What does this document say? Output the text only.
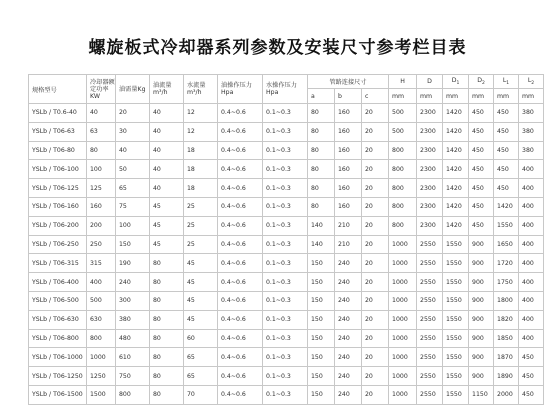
螺旋板式冷却器系列参数及安装尺寸参考栏目表
规格型号	冷却器额定功率KW	油需量Kg	油流量m³/h	水流量m³/h	油操作压力Hpa	水操作压力Hpa	管路连接尺寸			H	D	$D_1$	$D_2$	$L_1$	$L_2$
							a	b	c	mm	mm	mm	mm	mm	mm
YSLb / T0.6-40	40	20	40	12	0.4~0.6	0.1~0.3	80	160	20	500	2300	1420	450	450	380
YSLb / T06-63	63	30	40	12	0.4~0.6	0.1~0.3	80	160	20	500	2300	1420	450	450	380
YSLb / T06-80	80	40	40	18	0.4~0.6	0.1~0.3	80	160	20	800	2300	1420	450	450	380
YSLb / T06-100	100	50	40	18	0.4~0.6	0.1~0.3	80	160	20	800	2300	1420	450	450	400
YSLb / T06-125	125	65	40	18	0.4~0.6	0.1~0.3	80	160	20	800	2300	1420	450	450	400
YSLb / T06-160	160	75	45	25	0.4~0.6	0.1~0.3	80	160	20	800	2300	1420	450	1420	400
YSLb / T06-200	200	100	45	25	0.4~0.6	0.1~0.3	140	210	20	800	2300	1420	450	1550	400
YSLb / T06-250	250	150	45	25	0.4~0.6	0.1~0.3	140	210	20	1000	2550	1550	900	1650	400
YSLb / T06-315	315	190	80	45	0.4~0.6	0.1~0.3	150	240	20	1000	2550	1550	900	1720	400
YSLb / T06-400	400	240	80	45	0.4~0.6	0.1~0.3	150	240	20	1000	2550	1550	900	1750	400
YSLb / T06-500	500	300	80	45	0.4~0.6	0.1~0.3	150	240	20	1000	2550	1550	900	1800	400
YSLb / T06-630	630	380	80	45	0.4~0.6	0.1~0.3	150	240	20	1000	2550	1550	900	1820	400
YSLb / T06-800	800	480	80	60	0.4~0.6	0.1~0.3	150	240	20	1000	2550	1550	900	1850	400
YSLb / T06-1000	1000	610	80	65	0.4~0.6	0.1~0.3	150	240	20	1000	2550	1550	900	1870	450
YSLb / T06-1250	1250	750	80	65	0.4~0.6	0.1~0.3	150	240	20	1000	2550	1550	900	1890	450
YSLb / T06-1500	1500	800	80	70	0.4~0.6	0.1~0.3	150	240	20	1000	2550	1550	1150	2000	450
